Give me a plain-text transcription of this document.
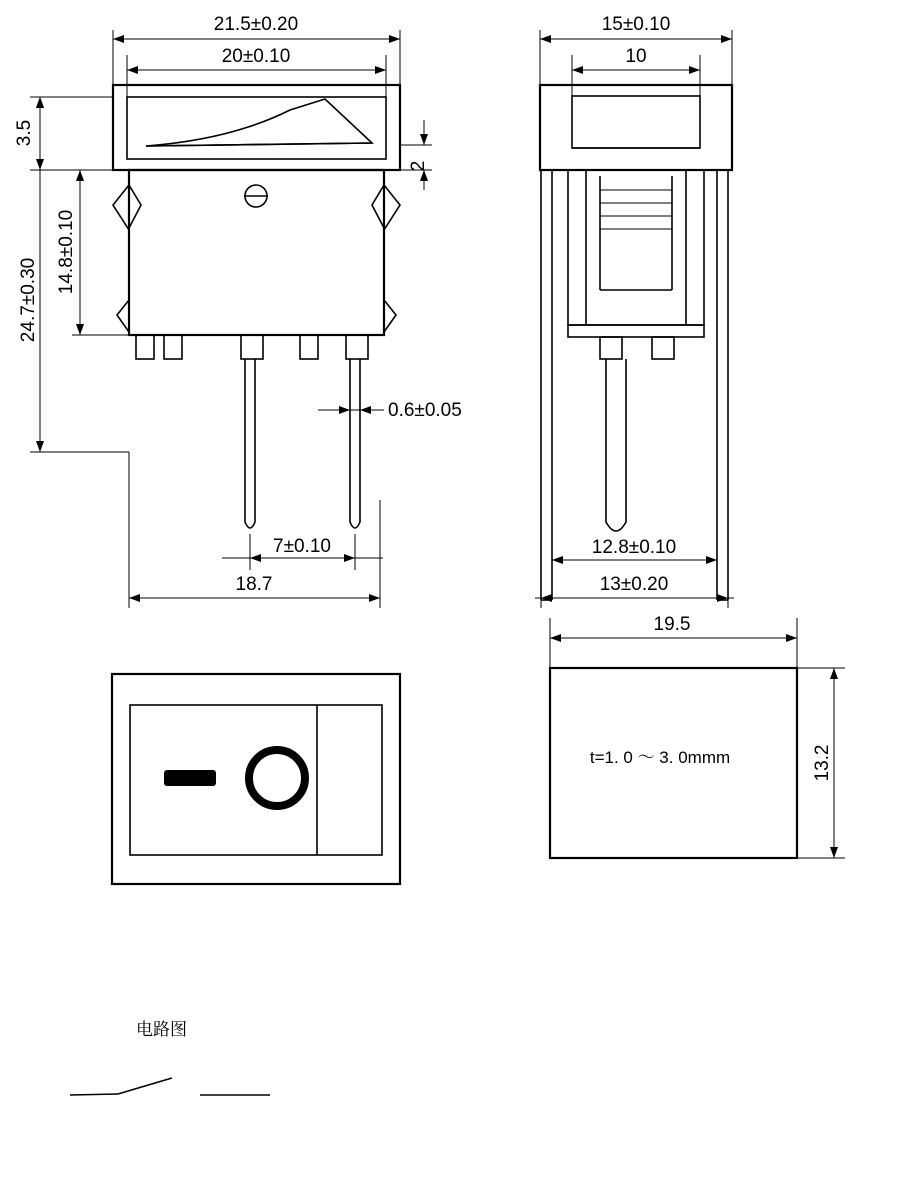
21.5±0.20
20±0.10
3.5
2
14.8±0.10
24.7±0.30
0.6±0.05
7±0.10
18.7
15±0.10
10
12.8±0.10
13±0.20
19.5
13.2
t=1. 0 ～ 3. 0mmm
电路图
